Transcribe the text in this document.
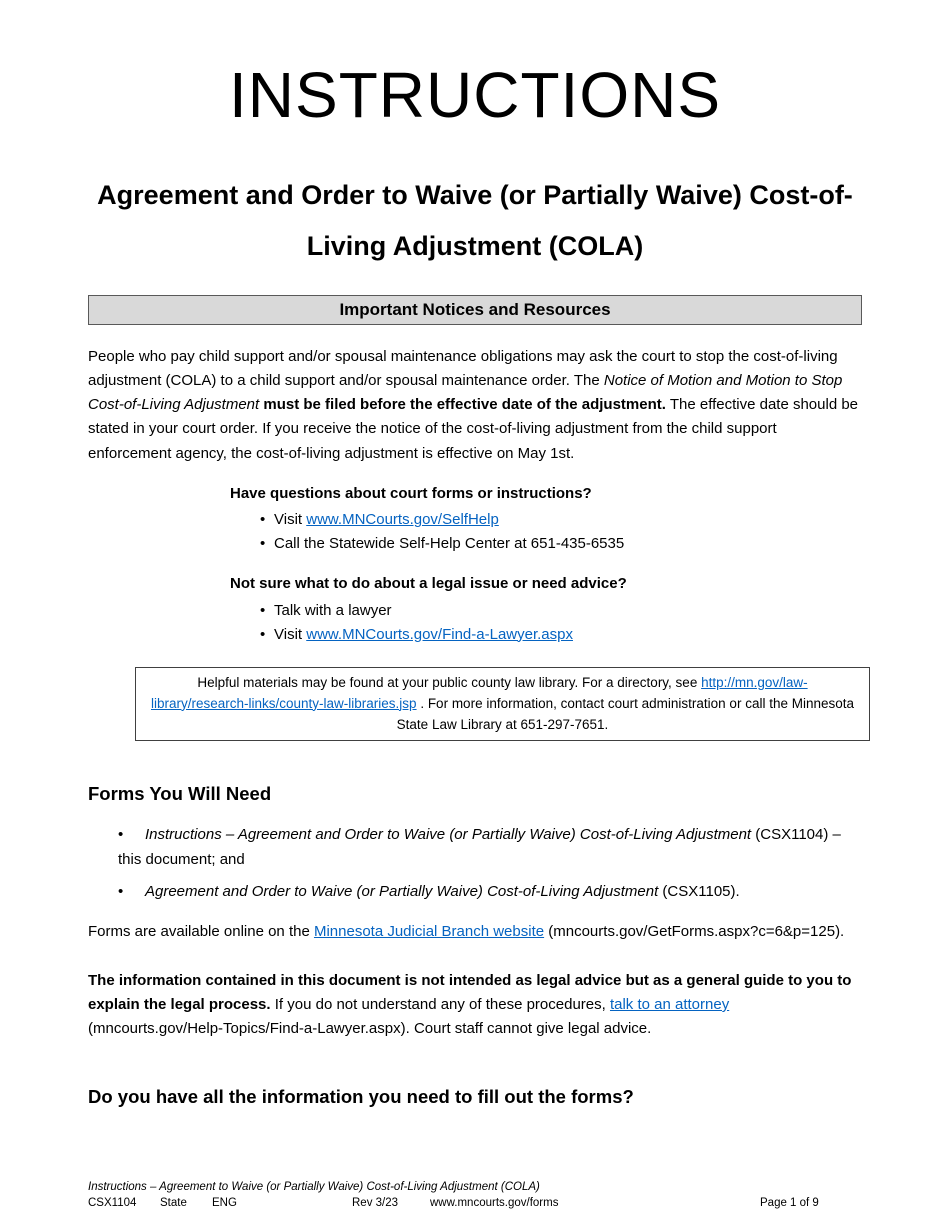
INSTRUCTIONS
Agreement and Order to Waive (or Partially Waive) Cost-of-Living Adjustment (COLA)
Important Notices and Resources

People who pay child support and/or spousal maintenance obligations may ask the court to stop the cost-of-living adjustment (COLA) to a child support and/or spousal maintenance order. The Notice of Motion and Motion to Stop Cost-of-Living Adjustment must be filed before the effective date of the adjustment. The effective date should be stated in your court order. If you receive the notice of the cost-of-living adjustment from the child support enforcement agency, the cost-of-living adjustment is effective on May 1st.

Have questions about court forms or instructions?
• Visit www.MNCourts.gov/SelfHelp
• Call the Statewide Self-Help Center at 651-435-6535
Not sure what to do about a legal issue or need advice?
• Talk with a lawyer
• Visit www.MNCourts.gov/Find-a-Lawyer.aspx
Helpful materials may be found at your public county law library. For a directory, see http://mn.gov/law-library/research-links/county-law-libraries.jsp . For more information, contact court administration or call the Minnesota State Law Library at 651-297-7651.
Forms You Will Need
• Instructions – Agreement and Order to Waive (or Partially Waive) Cost-of-Living Adjustment (CSX1104) – this document; and
• Agreement and Order to Waive (or Partially Waive) Cost-of-Living Adjustment (CSX1105).

Forms are available online on the Minnesota Judicial Branch website (mncourts.gov/GetForms.aspx?c=6&p=125).

The information contained in this document is not intended as legal advice but as a general guide to you to explain the legal process. If you do not understand any of these procedures, talk to an attorney (mncourts.gov/Help-Topics/Find-a-Lawyer.aspx). Court staff cannot give legal advice.

Do you have all the information you need to fill out the forms?
Instructions – Agreement to Waive (or Partially Waive) Cost-of-Living Adjustment (COLA)
CSX1104 State ENG	Rev 3/23	www.mncourts.gov/forms	Page 1 of 9
